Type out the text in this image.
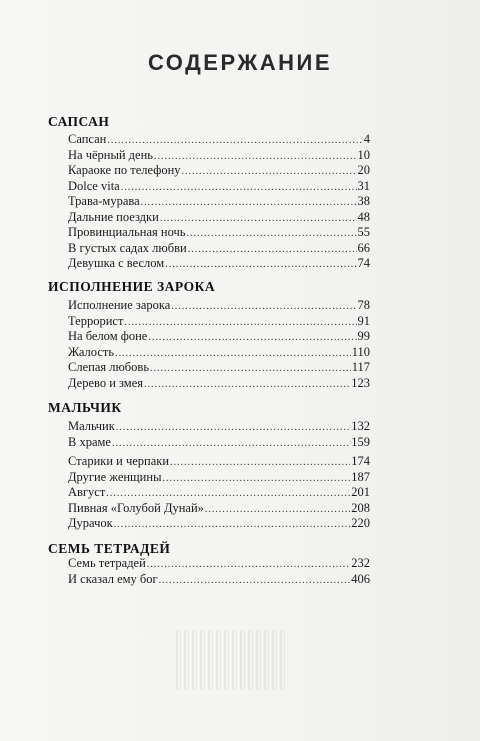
СОДЕРЖАНИЕ
САПСАН
Сапсан .....	4
На чёрный день .....	10
Караоке по телефону .....	20
Dolce vita .....	31
Трава-мурава .....	38
Дальние поездки .....	48
Провинциальная ночь .....	55
В густых садах любви .....	66
Девушка с веслом .....	74
ИСПОЛНЕНИЕ ЗАРОКА
Исполнение зарока .....	78
Террорист .....	91
На белом фоне .....	99
Жалость .....	110
Слепая любовь .....	117
Дерево и змея .....	123
МАЛЬЧИК
Мальчик .....	132
В храме .....	159
Старики и черпаки .....	174
Другие женщины .....	187
Август .....	201
Пивная «Голубой Дунай» .....	208
Дурачок .....	220
СЕМЬ ТЕТРАДЕЙ
Семь тетрадей .....	232
И сказал ему бог .....	406
